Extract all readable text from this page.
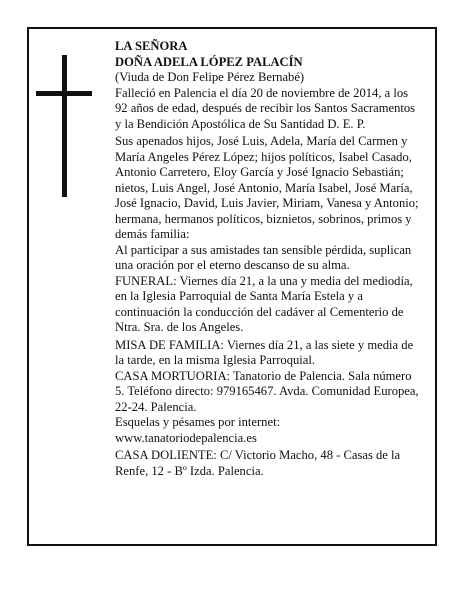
LA SEÑORA

DOÑA ADELA LÓPEZ PALACÍN

(Viuda de Don Felipe Pérez Bernabé)

Falleció en Palencia el día 20 de noviembre de 2014, a los 92 años de edad, después de recibir los Santos Sacramentos y la Bendición Apostólica de Su Santidad D. E. P.

Sus apenados hijos, José Luis, Adela, María del Carmen y María Angeles Pérez López; hijos políticos, Isabel Casado, Antonio Carretero, Eloy García y José Ignacio Sebastián; nietos, Luis Angel, José Antonio, María Isabel, José María, José Ignacio, David, Luis Javier, Miriam, Vanesa y Antonio; hermana, hermanos políticos, biznietos, sobrinos, primos y demás familia:

Al participar a sus amistades tan sensible pérdida, suplican una oración por el eterno descanso de su alma.

FUNERAL: Viernes día 21, a la una y media del mediodía, en la Iglesia Parroquial de Santa María Estela y a continuación la conducción del cadáver al Cementerio de Ntra. Sra. de los Angeles.

MISA DE FAMILIA: Viernes día 21, a las siete y media de la tarde, en la misma Iglesia Parroquial.

CASA MORTUORIA: Tanatorio de Palencia. Sala número 5. Teléfono directo: 979165467. Avda. Comunidad Europea, 22-24. Palencia.

Esquelas y pésames por internet: www.tanatoriodepalencia.es

CASA DOLIENTE: C/ Victorio Macho, 48 - Casas de la Renfe, 12 - Bº Izda. Palencia.
